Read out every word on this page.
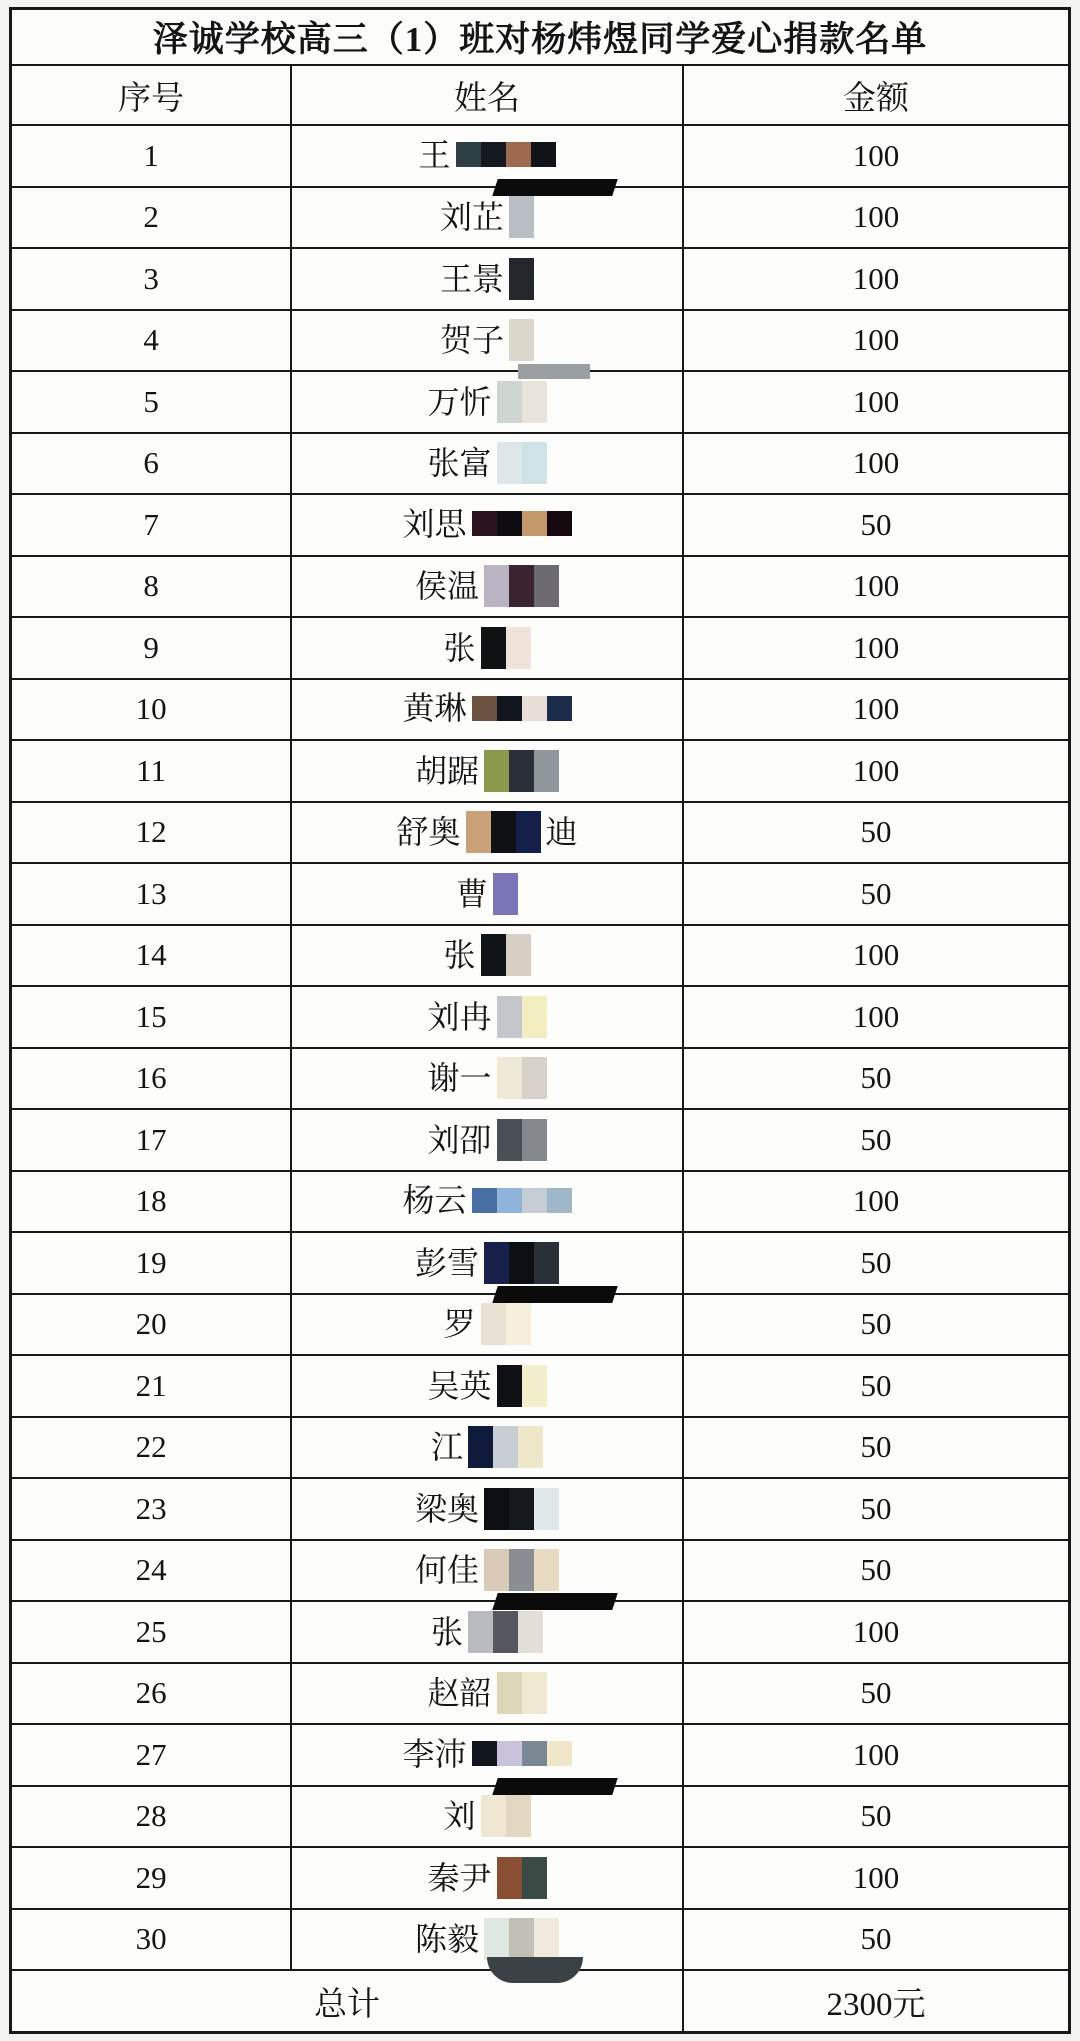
泽诚学校高三（1）班对杨炜煜同学爱心捐款名单		
序号	姓名	金额
1	王	100
2	刘芷	100
3	王景	100
4	贺子	100
5	万忻	100
6	张富	100
7	刘思	50
8	侯温	100
9	张	100
10	黄琳	100
11	胡踞	100
12	舒奥 迪	50
13	曹	50
14	张	100
15	刘冉	100
16	谢一	50
17	刘卲	50
18	杨云	100
19	彭雪	50
20	罗	50
21	吴英	50
22	江	50
23	梁奥	50
24	何佳	50
25	张	100
26	赵韶	50
27	李沛	100
28	刘	50
29	秦尹	100
30	陈毅	50
总计		2300元
